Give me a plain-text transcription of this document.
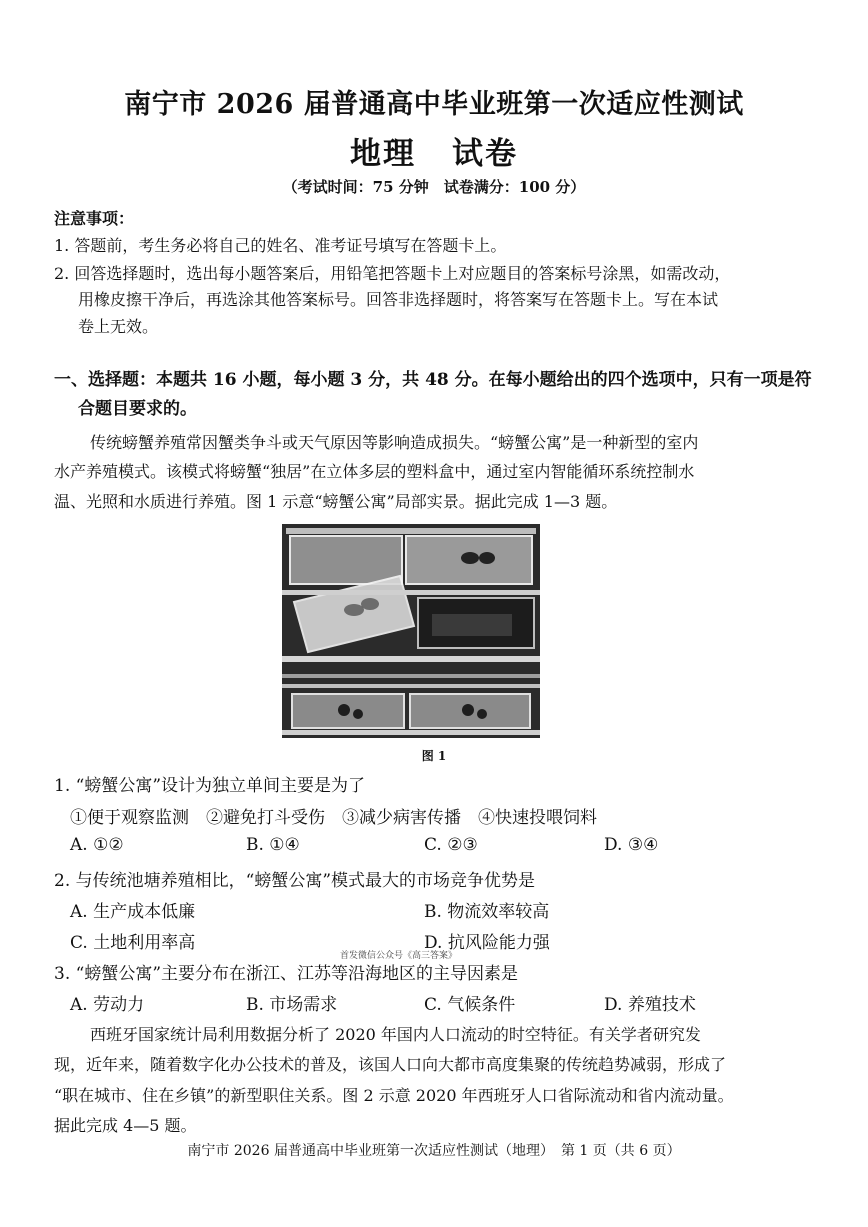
南宁市 2026 届普通高中毕业班第一次适应性测试
地理 试卷
（考试时间：75 分钟　试卷满分：100 分）
注意事项：
1. 答题前，考生务必将自己的姓名、准考证号填写在答题卡上。
2. 回答选择题时，选出每小题答案后，用铅笔把答题卡上对应题目的答案标号涂黑，如需改动，
用橡皮擦干净后，再选涂其他答案标号。回答非选择题时，将答案写在答题卡上。写在本试
卷上无效。
一、选择题：本题共 16 小题，每小题 3 分，共 48 分。在每小题给出的四个选项中，只有一项是符
合题目要求的。
传统螃蟹养殖常因蟹类争斗或天气原因等影响造成损失。“螃蟹公寓”是一种新型的室内
水产养殖模式。该模式将螃蟹“独居”在立体多层的塑料盒中，通过室内智能循环系统控制水
温、光照和水质进行养殖。图 1 示意“螃蟹公寓”局部实景。据此完成 1—3 题。
图 1
1. “螃蟹公寓”设计为独立单间主要是为了
①便于观察监测　②避免打斗受伤　③减少病害传播　④快速投喂饲料
A. ①②	B. ①④	C. ②③	D. ③④
2. 与传统池塘养殖相比，“螃蟹公寓”模式最大的市场竞争优势是
A. 生产成本低廉	B. 物流效率较高
C. 土地利用率高	D. 抗风险能力强
首发微信公众号《高三答案》
3. “螃蟹公寓”主要分布在浙江、江苏等沿海地区的主导因素是
A. 劳动力	B. 市场需求	C. 气候条件	D. 养殖技术
西班牙国家统计局利用数据分析了 2020 年国内人口流动的时空特征。有关学者研究发
现，近年来，随着数字化办公技术的普及，该国人口向大都市高度集聚的传统趋势减弱，形成了
“职在城市、住在乡镇”的新型职住关系。图 2 示意 2020 年西班牙人口省际流动和省内流动量。
据此完成 4—5 题。
南宁市 2026 届普通高中毕业班第一次适应性测试（地理）　第 1 页（共 6 页）
